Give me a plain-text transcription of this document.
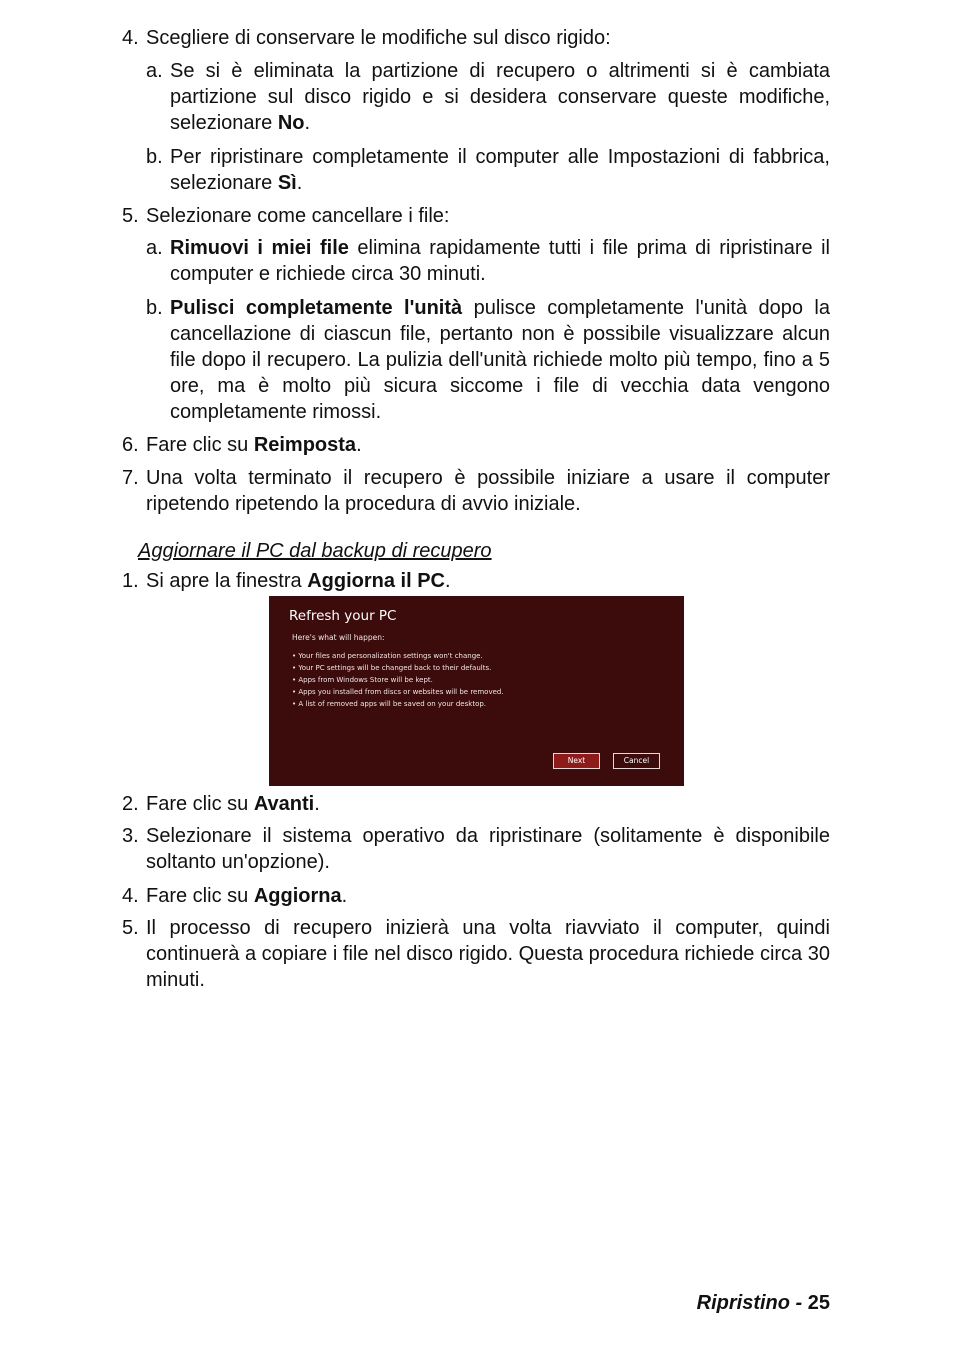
4. Scegliere di conservare le modifiche sul disco rigido:
a. Se si è eliminata la partizione di recupero o altrimenti si è cambiata partizione sul disco rigido e si desidera conservare queste modifiche, selezionare No.
b. Per ripristinare completamente il computer alle Impostazioni di fabbrica, selezionare Sì.
5. Selezionare come cancellare i file:
a. Rimuovi i miei file elimina rapidamente tutti i file prima di ripristinare il computer e richiede circa 30 minuti.
b. Pulisci completamente l'unità pulisce completamente l'unità dopo la cancellazione di ciascun file, pertanto non è possibile visualizzare alcun file dopo il recupero. La pulizia dell'unità richiede molto più tempo, fino a 5 ore, ma è molto più sicura siccome i file di vecchia data vengono completamente rimossi.
6. Fare clic su Reimposta.
7. Una volta terminato il recupero è possibile iniziare a usare il computer ripetendo ripetendo la procedura di avvio iniziale.
Aggiornare il PC dal backup di recupero
1. Si apre la finestra Aggiorna il PC.
Refresh your PC
Here's what will happen:
• Your files and personalization settings won't change.
• Your PC settings will be changed back to their defaults.
• Apps from Windows Store will be kept.
• Apps you installed from discs or websites will be removed.
• A list of removed apps will be saved on your desktop.
Next	Cancel
2. Fare clic su Avanti.
3. Selezionare il sistema operativo da ripristinare (solitamente è disponibile soltanto un'opzione).
4. Fare clic su Aggiorna.
5. Il processo di recupero inizierà una volta riavviato il computer, quindi continuerà a copiare i file nel disco rigido. Questa procedura richiede circa 30 minuti.
Ripristino - 25
